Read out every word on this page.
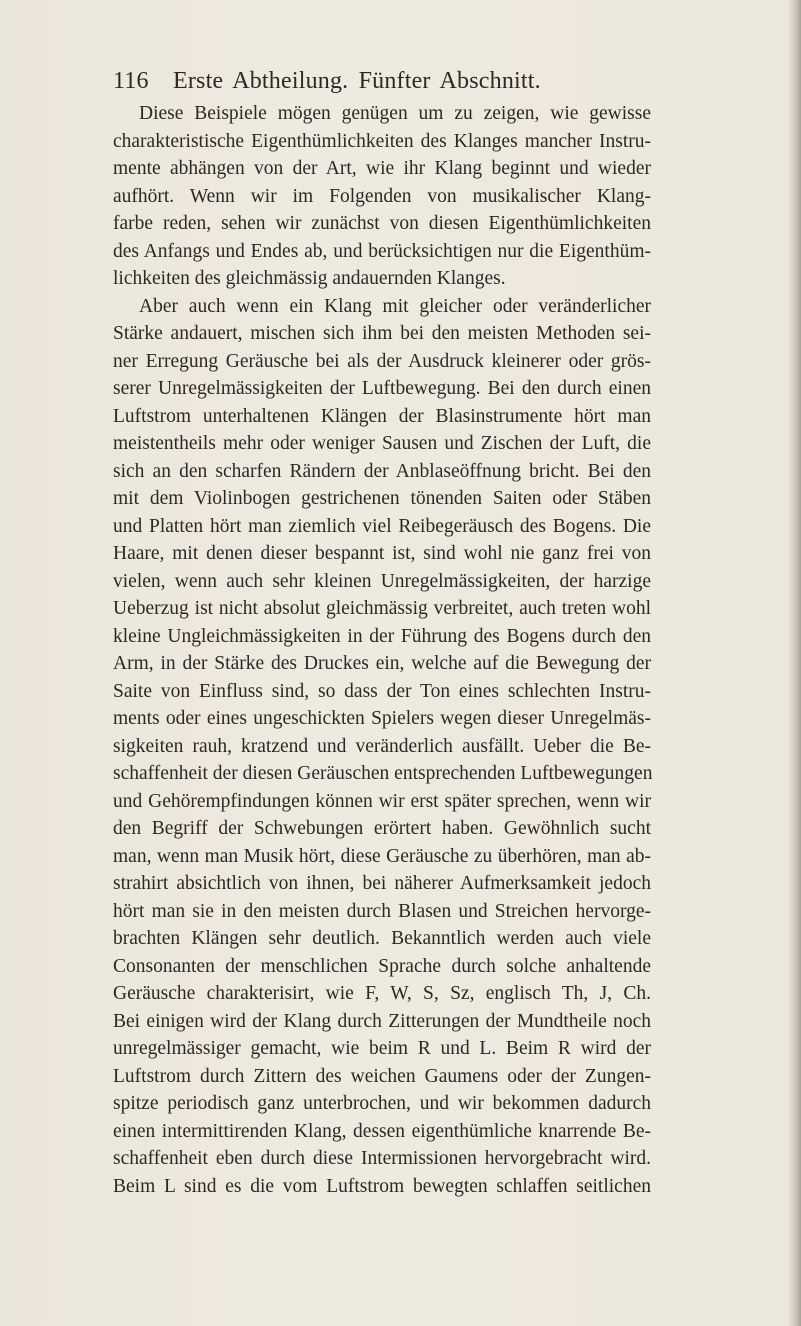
116 Erste Abtheilung. Fünfter Abschnitt.
Diese Beispiele mögen genügen um zu zeigen, wie gewisse
charakteristische Eigenthümlichkeiten des Klanges mancher Instru-
mente abhängen von der Art, wie ihr Klang beginnt und wieder
aufhört. Wenn wir im Folgenden von musikalischer Klang-
farbe reden, sehen wir zunächst von diesen Eigenthümlichkeiten
des Anfangs und Endes ab, und berücksichtigen nur die Eigenthüm-
lichkeiten des gleichmässig andauernden Klanges.
Aber auch wenn ein Klang mit gleicher oder veränderlicher
Stärke andauert, mischen sich ihm bei den meisten Methoden sei-
ner Erregung Geräusche bei als der Ausdruck kleinerer oder grös-
serer Unregelmässigkeiten der Luftbewegung. Bei den durch einen
Luftstrom unterhaltenen Klängen der Blasinstrumente hört man
meistentheils mehr oder weniger Sausen und Zischen der Luft, die
sich an den scharfen Rändern der Anblaseöffnung bricht. Bei den
mit dem Violinbogen gestrichenen tönenden Saiten oder Stäben
und Platten hört man ziemlich viel Reibegeräusch des Bogens. Die
Haare, mit denen dieser bespannt ist, sind wohl nie ganz frei von
vielen, wenn auch sehr kleinen Unregelmässigkeiten, der harzige
Ueberzug ist nicht absolut gleichmässig verbreitet, auch treten wohl
kleine Ungleichmässigkeiten in der Führung des Bogens durch den
Arm, in der Stärke des Druckes ein, welche auf die Bewegung der
Saite von Einfluss sind, so dass der Ton eines schlechten Instru-
ments oder eines ungeschickten Spielers wegen dieser Unregelmäs-
sigkeiten rauh, kratzend und veränderlich ausfällt. Ueber die Be-
schaffenheit der diesen Geräuschen entsprechenden Luftbewegungen
und Gehörempfindungen können wir erst später sprechen, wenn wir
den Begriff der Schwebungen erörtert haben. Gewöhnlich sucht
man, wenn man Musik hört, diese Geräusche zu überhören, man ab-
strahirt absichtlich von ihnen, bei näherer Aufmerksamkeit jedoch
hört man sie in den meisten durch Blasen und Streichen hervorge-
brachten Klängen sehr deutlich. Bekanntlich werden auch viele
Consonanten der menschlichen Sprache durch solche anhaltende
Geräusche charakterisirt, wie F, W, S, Sz, englisch Th, J, Ch.
Bei einigen wird der Klang durch Zitterungen der Mundtheile noch
unregelmässiger gemacht, wie beim R und L. Beim R wird der
Luftstrom durch Zittern des weichen Gaumens oder der Zungen-
spitze periodisch ganz unterbrochen, und wir bekommen dadurch
einen intermittirenden Klang, dessen eigenthümliche knarrende Be-
schaffenheit eben durch diese Intermissionen hervorgebracht wird.
Beim L sind es die vom Luftstrom bewegten schlaffen seitlichen
